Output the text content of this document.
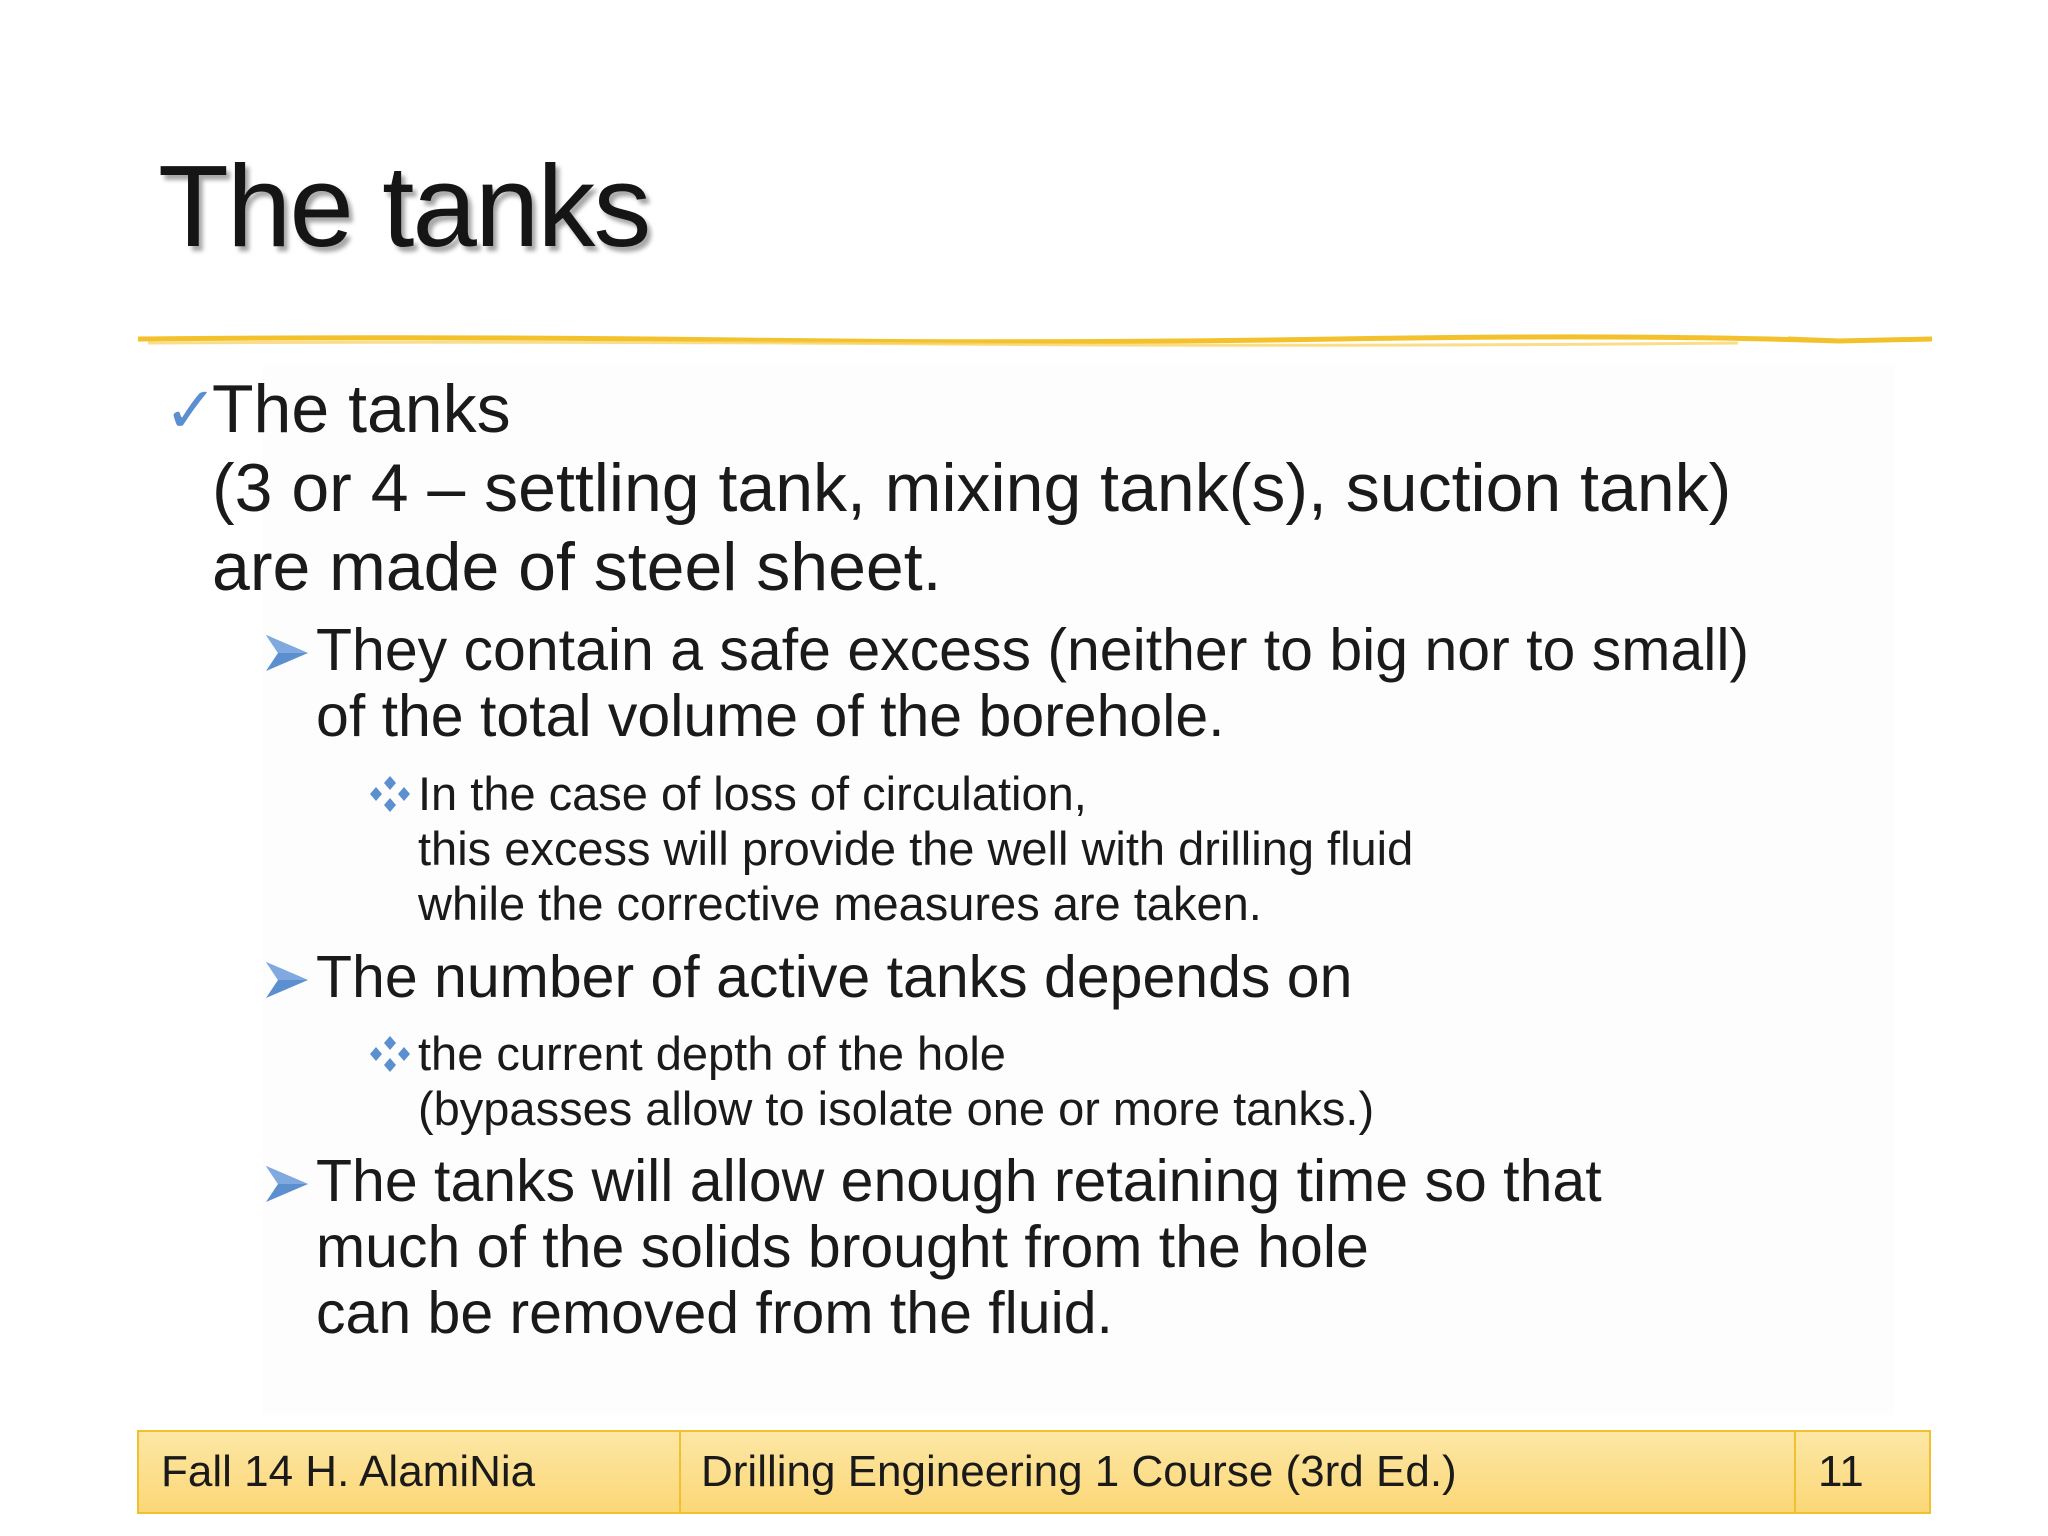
The tanks
✓
The tanks
(3 or 4 – settling tank, mixing tank(s), suction tank)
are made of steel sheet.
They contain a safe excess (neither to big nor to small)
of the total volume of the borehole.
In the case of loss of circulation,
this excess will provide the well with drilling fluid
while the corrective measures are taken.
The number of active tanks depends on
the current depth of the hole
(bypasses allow to isolate one or more tanks.)
The tanks will allow enough retaining time so that
much of the solids brought from the hole
can be removed from the fluid.
Fall 14 H. AlamiNia	Drilling Engineering 1 Course (3rd Ed.)	11
